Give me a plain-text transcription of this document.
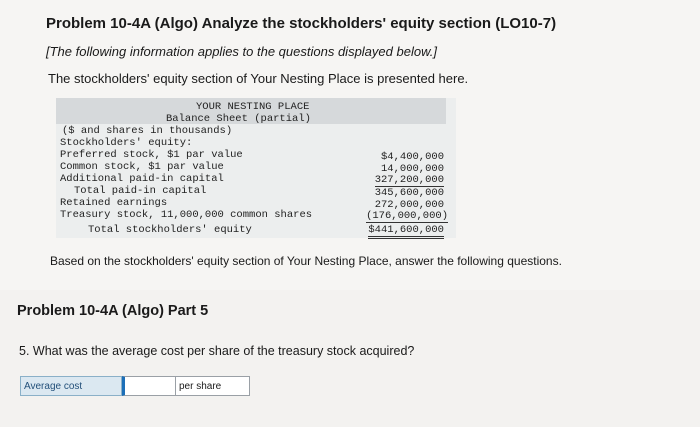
Problem 10-4A (Algo) Analyze the stockholders' equity section (LO10-7)
[The following information applies to the questions displayed below.]
The stockholders' equity section of Your Nesting Place is presented here.
YOUR NESTING PLACE
Balance Sheet (partial)
($ and shares in thousands)
Stockholders' equity:
Preferred stock, $1 par value	$4,400,000
Common stock, $1 par value	14,000,000
Additional paid-in capital	327,200,000
Total paid-in capital	345,600,000
Retained earnings	272,000,000
Treasury stock, 11,000,000 common shares	(176,000,000)
Total stockholders' equity	$441,600,000
Based on the stockholders' equity section of Your Nesting Place, answer the following questions.
Problem 10-4A (Algo) Part 5
5. What was the average cost per share of the treasury stock acquired?
Average cost	per share
